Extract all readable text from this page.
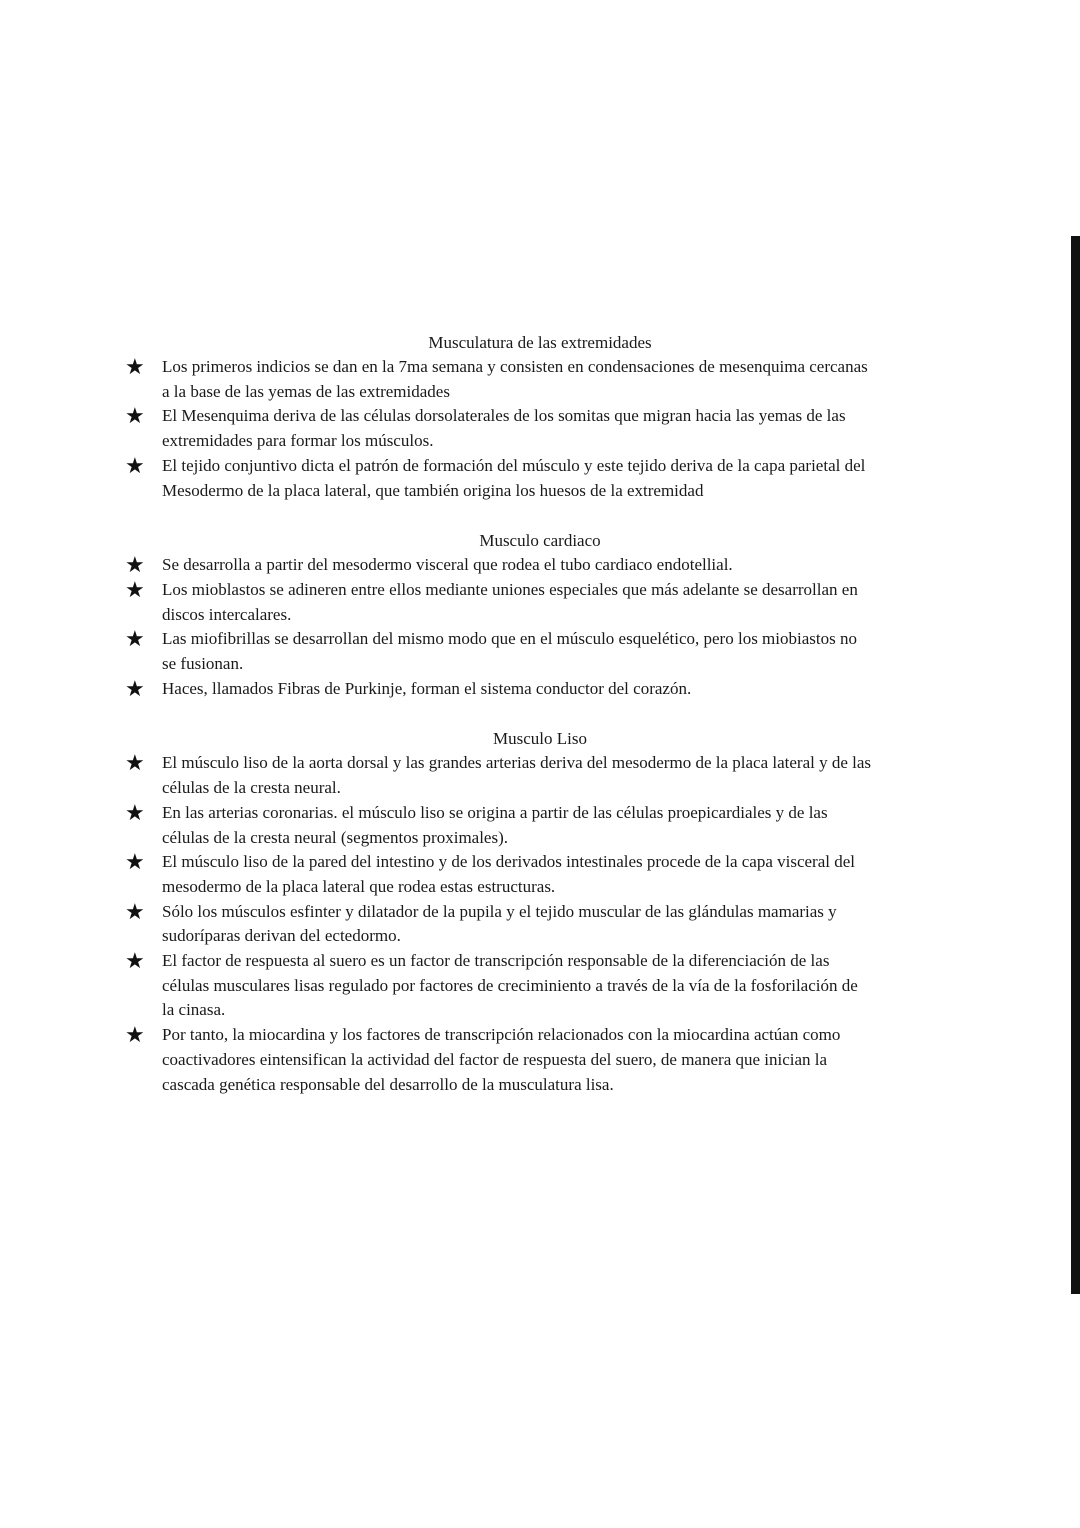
Musculatura de las extremidades
★ Los primeros indicios se dan en la 7ma semana y consisten en condensaciones de mesenquima cercanas a la base de las yemas de las extremidades
★ El Mesenquima deriva de las células dorsolaterales de los somitas que migran hacia las yemas de las extremidades para formar los músculos.
★ El tejido conjuntivo dicta el patrón de formación del músculo y este tejido deriva de la capa parietal del Mesodermo de la placa lateral, que también origina los huesos de la extremidad
Musculo cardiaco
★ Se desarrolla a partir del mesodermo visceral que rodea el tubo cardiaco endotellial.
★ Los mioblastos se adineren entre ellos mediante uniones especiales que más adelante se desarrollan en discos intercalares.
★ Las miofibrillas se desarrollan del mismo modo que en el músculo esquelético, pero los miobiastos no se fusionan.
★ Haces, llamados Fibras de Purkinje, forman el sistema conductor del corazón.
Musculo Liso
★ El músculo liso de la aorta dorsal y las grandes arterias deriva del mesodermo de la placa lateral y de las células de la cresta neural.
★ En las arterias coronarias. el músculo liso se origina a partir de las células proepicardiales y de las células de la cresta neural (segmentos proximales).
★ El músculo liso de la pared del intestino y de los derivados intestinales procede de la capa visceral del mesodermo de la placa lateral que rodea estas estructuras.
★ Sólo los músculos esfinter y dilatador de la pupila y el tejido muscular de las glándulas mamarias y sudoríparas derivan del ectedormo.
★ El factor de respuesta al suero es un factor de transcripción responsable de la diferenciación de las células musculares lisas regulado por factores de creciminiento a través de la vía de la fosforilación de la cinasa.
★ Por tanto, la miocardina y los factores de transcripción relacionados con la miocardina actúan como coactivadores eintensifican la actividad del factor de respuesta del suero, de manera que inician la cascada genética responsable del desarrollo de la musculatura lisa.
